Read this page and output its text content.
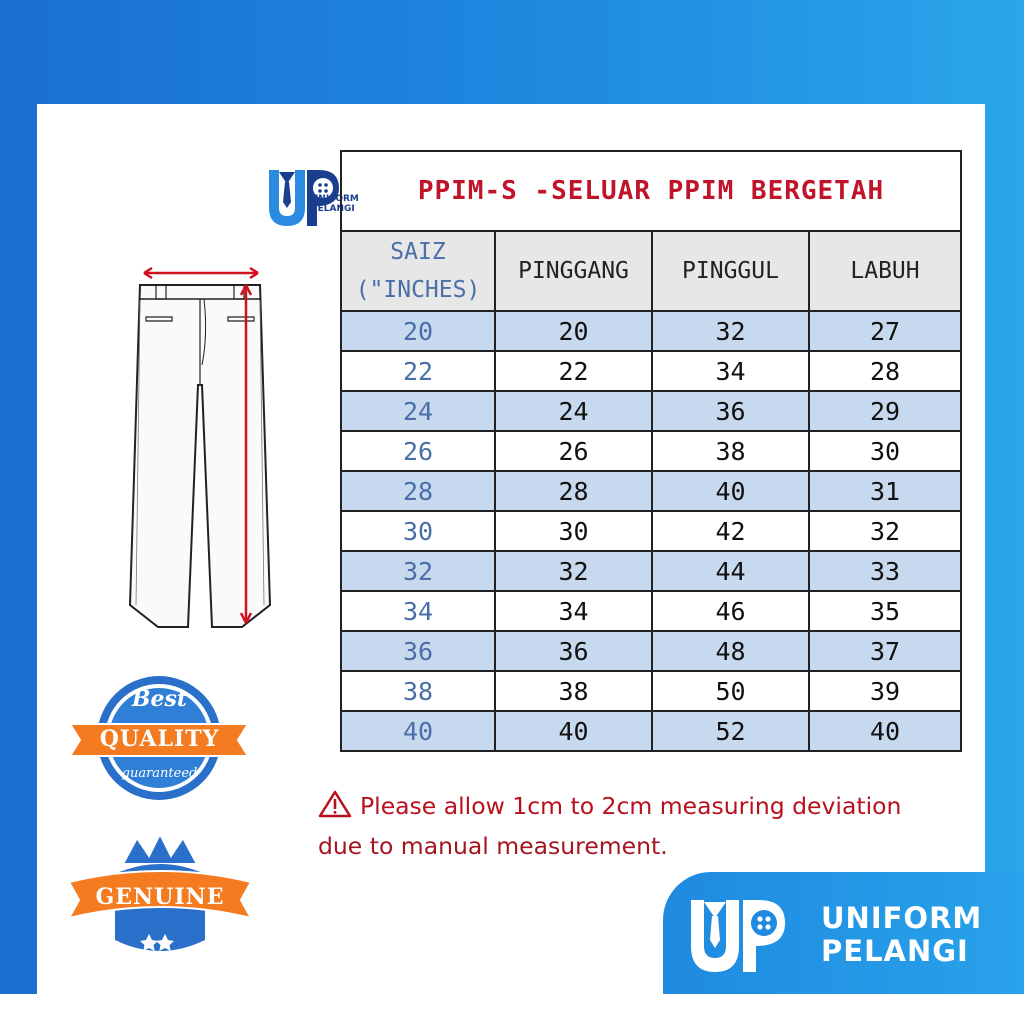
UNIFORM
PELANGI
PPIM-S -SELUAR PPIM BERGETAH			
SAIZ
("INCHES)	PINGGANG	PINGGUL	LABUH
20	20	32	27
22	22	34	28
24	24	36	29
26	26	38	30
28	28	40	31
30	30	42	32
32	32	44	33
34	34	46	35
36	36	48	37
38	38	50	39
40	40	52	40
Please allow 1cm to 2cm measuring deviation
due to manual measurement.
Best
QUALITY
guaranteed
GENUINE
UNIFORM
PELANGI
